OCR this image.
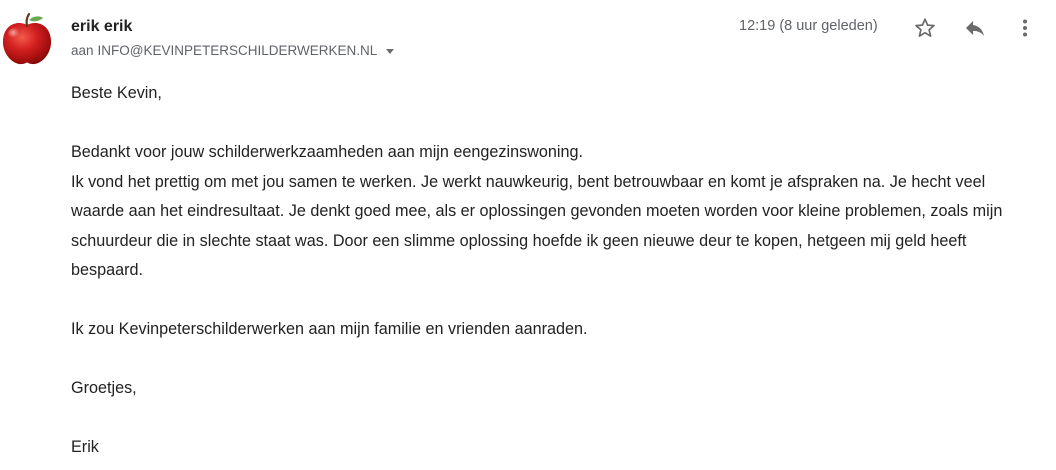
erik erik
aan INFO@KEVINPETERSCHILDERWERKEN.NL
12:19 (8 uur geleden)

Beste Kevin,

Bedankt voor jouw schilderwerkzaamheden aan mijn eengezinswoning.

Ik vond het prettig om met jou samen te werken. Je werkt nauwkeurig, bent betrouwbaar en komt je afspraken na. Je hecht veel waarde aan het eindresultaat. Je denkt goed mee, als er oplossingen gevonden moeten worden voor kleine problemen, zoals mijn schuurdeur die in slechte staat was. Door een slimme oplossing hoefde ik geen nieuwe deur te kopen, hetgeen mij geld heeft bespaard.

Ik zou Kevinpeterschilderwerken aan mijn familie en vrienden aanraden.

Groetjes,

Erik
